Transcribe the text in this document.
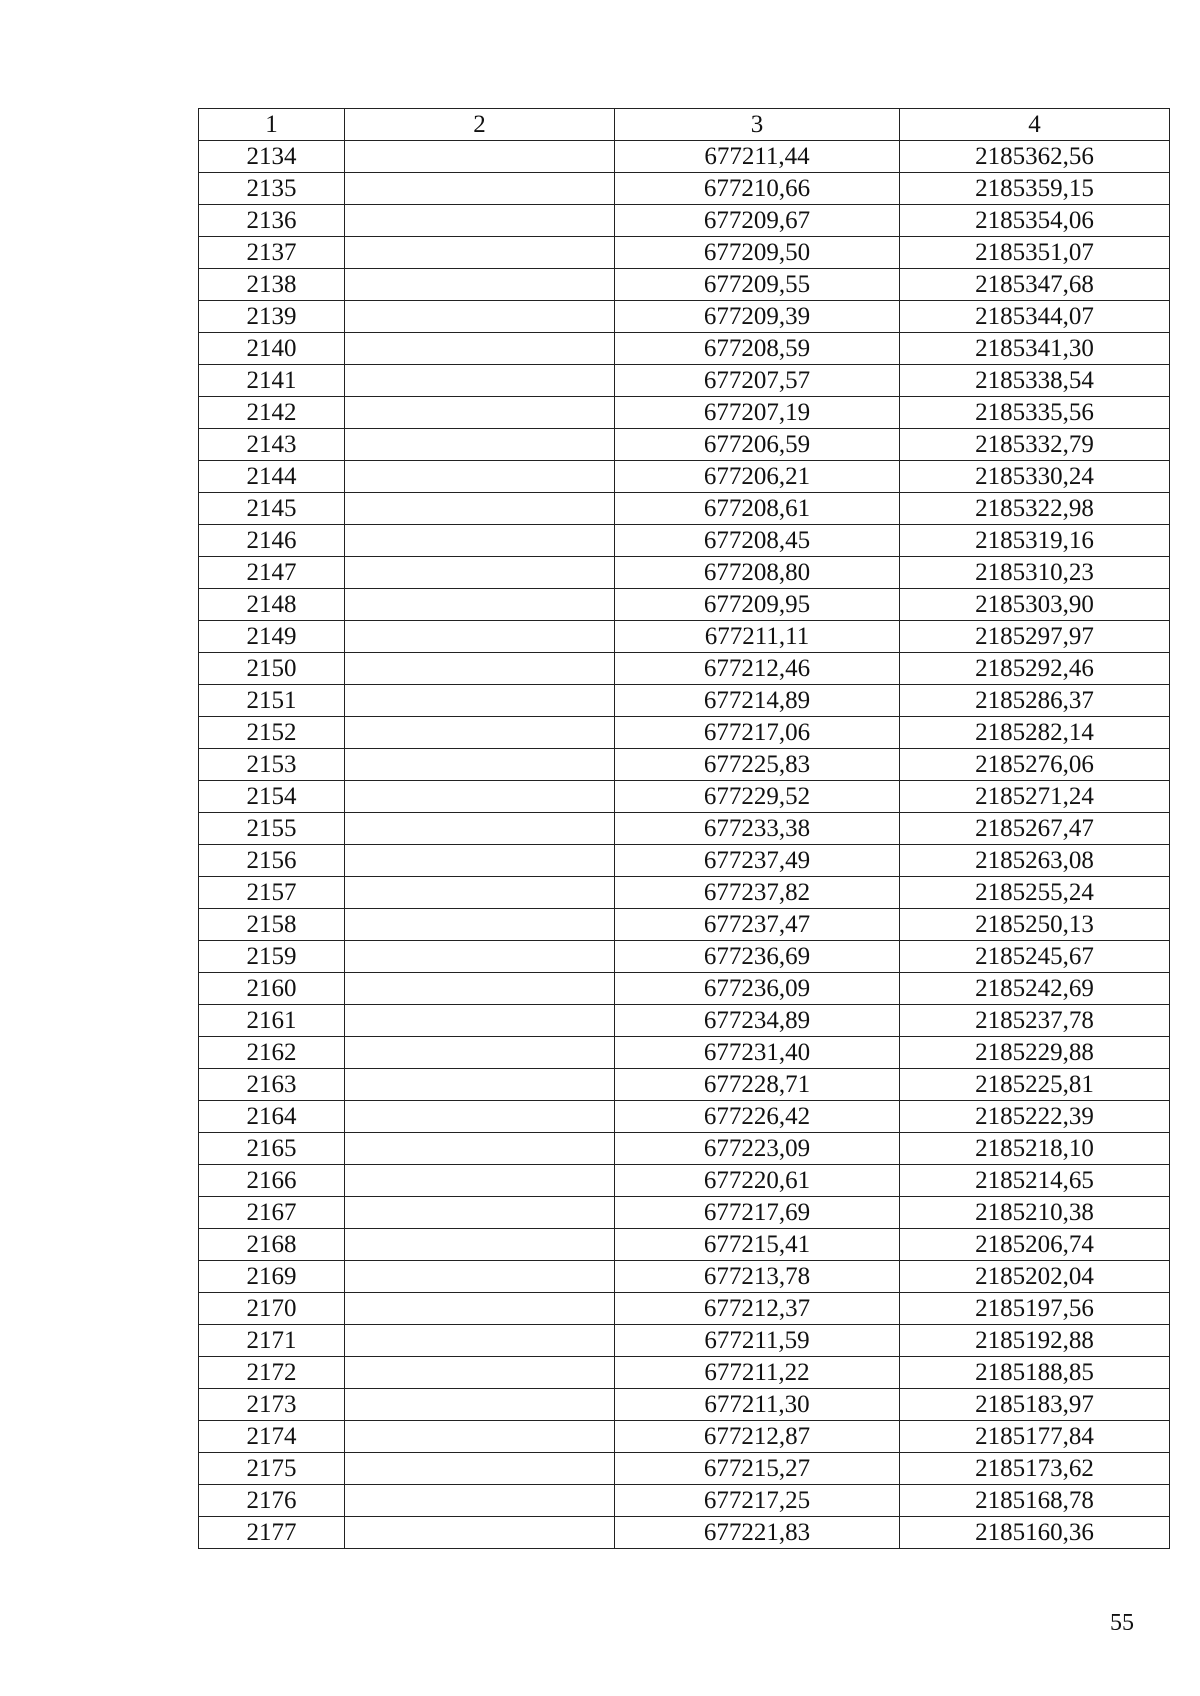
1	2	3	4
2134		677211,44	2185362,56
2135		677210,66	2185359,15
2136		677209,67	2185354,06
2137		677209,50	2185351,07
2138		677209,55	2185347,68
2139		677209,39	2185344,07
2140		677208,59	2185341,30
2141		677207,57	2185338,54
2142		677207,19	2185335,56
2143		677206,59	2185332,79
2144		677206,21	2185330,24
2145		677208,61	2185322,98
2146		677208,45	2185319,16
2147		677208,80	2185310,23
2148		677209,95	2185303,90
2149		677211,11	2185297,97
2150		677212,46	2185292,46
2151		677214,89	2185286,37
2152		677217,06	2185282,14
2153		677225,83	2185276,06
2154		677229,52	2185271,24
2155		677233,38	2185267,47
2156		677237,49	2185263,08
2157		677237,82	2185255,24
2158		677237,47	2185250,13
2159		677236,69	2185245,67
2160		677236,09	2185242,69
2161		677234,89	2185237,78
2162		677231,40	2185229,88
2163		677228,71	2185225,81
2164		677226,42	2185222,39
2165		677223,09	2185218,10
2166		677220,61	2185214,65
2167		677217,69	2185210,38
2168		677215,41	2185206,74
2169		677213,78	2185202,04
2170		677212,37	2185197,56
2171		677211,59	2185192,88
2172		677211,22	2185188,85
2173		677211,30	2185183,97
2174		677212,87	2185177,84
2175		677215,27	2185173,62
2176		677217,25	2185168,78
2177		677221,83	2185160,36
55
